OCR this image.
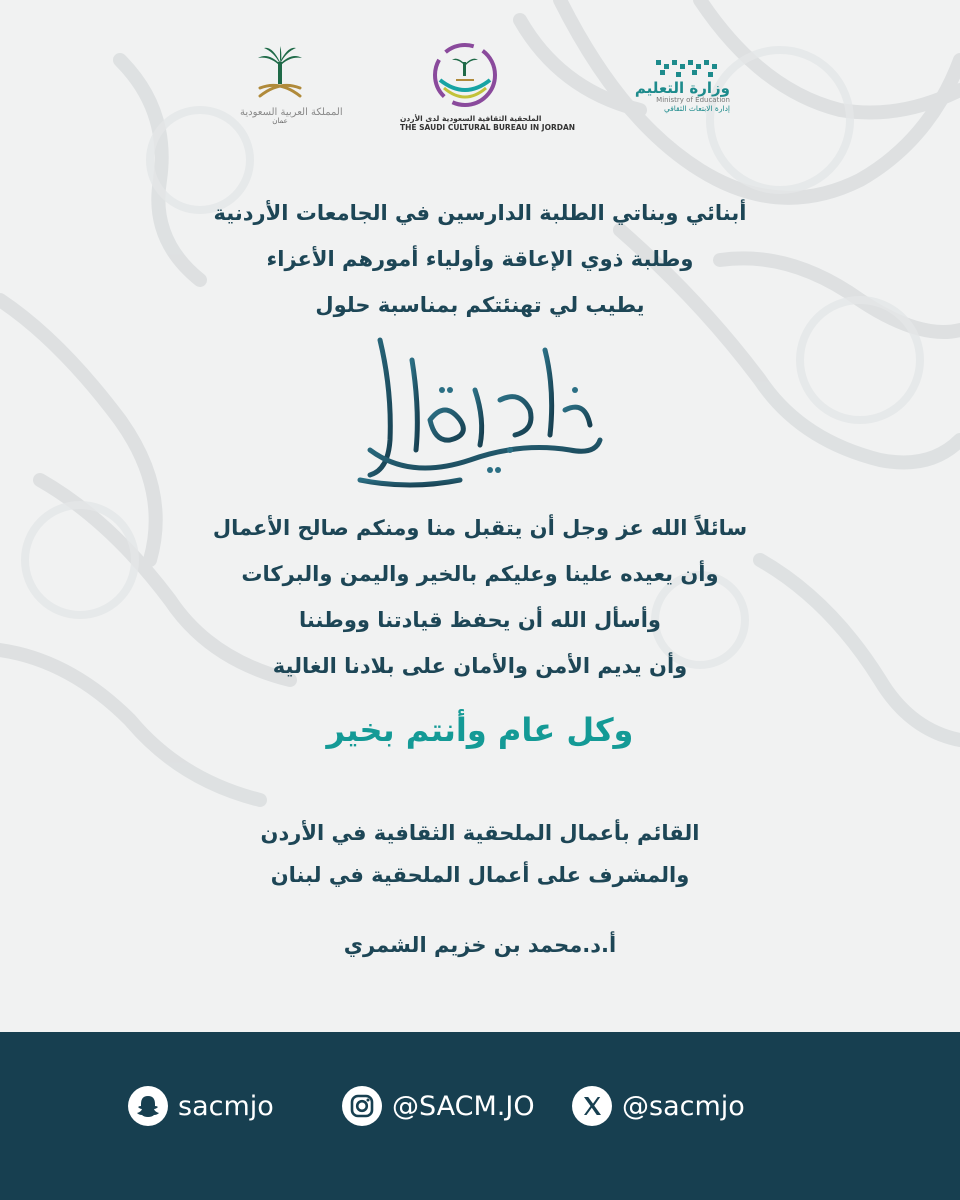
المملكة العربية السعودية
عمان	الملحقية الثقافية السعودية لدى الأردن
THE SAUDI CULTURAL BUREAU IN JORDAN
وزارة التعليم
Ministry of Education
إدارة الابتعاث الثقافي
أبنائي وبناتي الطلبة الدارسين في الجامعات الأردنية
وطلبة ذوي الإعاقة وأولياء أمورهم الأعزاء
يطيب لي تهنئتكم بمناسبة حلول
سائلاً الله عز وجل أن يتقبل منا ومنكم صالح الأعمال
وأن يعيده علينا وعليكم بالخير واليمن والبركات
وأسأل الله أن يحفظ قيادتنا ووطننا
وأن يديم الأمن والأمان على بلادنا الغالية
وكل عام وأنتم بخير
القائم بأعمال الملحقية الثقافية في الأردن
والمشرف على أعمال الملحقية في لبنان
أ.د.محمد بن خزيم الشمري
sacmjo	@SACM.JO	@sacmjo
